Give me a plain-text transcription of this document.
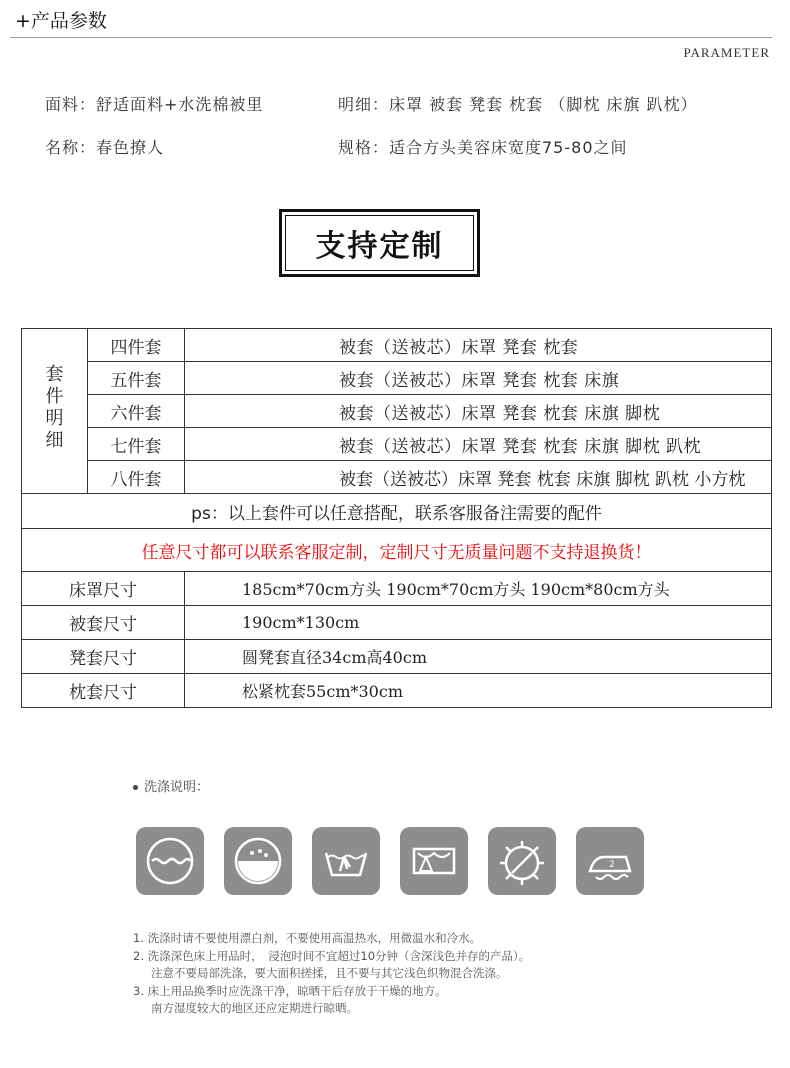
+产品参数
PARAMETER
面料：舒适面料+水洗棉被里	明细：床罩 被套 凳套 枕套 （脚枕 床旗 趴枕）
名称：春色撩人	规格：适合方头美容床宽度75-80之间
支持定制
套
件
明
细	四件套	被套（送被芯）床罩 凳套 枕套
	五件套	被套（送被芯）床罩 凳套 枕套 床旗
	六件套	被套（送被芯）床罩 凳套 枕套 床旗 脚枕
	七件套	被套（送被芯）床罩 凳套 枕套 床旗 脚枕 趴枕
	八件套	被套（送被芯）床罩 凳套 枕套 床旗 脚枕 趴枕 小方枕
ps：以上套件可以任意搭配，联系客服备注需要的配件		
任意尺寸都可以联系客服定制，定制尺寸无质量问题不支持退换货！		
床罩尺寸		185cm*70cm方头 190cm*70cm方头 190cm*80cm方头
被套尺寸		190cm*130cm
凳套尺寸		圆凳套直径34cm高40cm
枕套尺寸		松紧枕套55cm*30cm
洗涤说明：
2
1. 洗涤时请不要使用漂白剂，不要使用高温热水，用微温水和冷水。
2. 洗涤深色床上用品时，　浸泡时间不宜超过10分钟（含深浅色并存的产品）。
注意不要局部洗涤，要大面积搓揉，且不要与其它浅色织物混合洗涤。
3. 床上用品换季时应洗涤干净，晾晒干后存放于干燥的地方。
南方湿度较大的地区还应定期进行晾晒。
